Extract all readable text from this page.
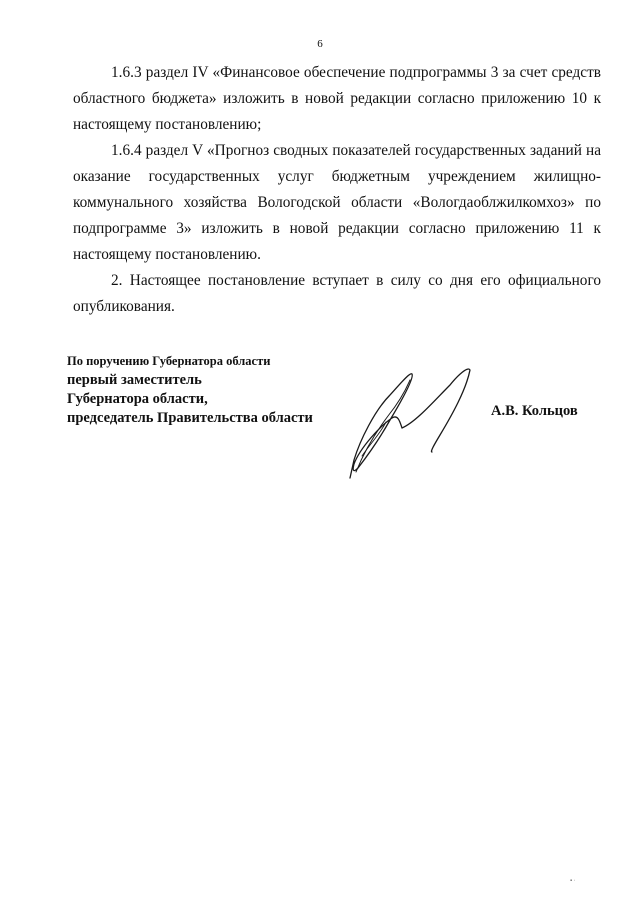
6

1.6.3 раздел IV «Финансовое обеспечение подпрограммы 3 за счет средств областного бюджета» изложить в новой редакции согласно приложению 10 к настоящему постановлению;

1.6.4 раздел V «Прогноз сводных показателей государственных заданий на оказание государственных услуг бюджетным учреждением жилищно-коммунального хозяйства Вологодской области «Вологдаоблжилкомхоз» по подпрограмме 3» изложить в новой редакции согласно приложению 11 к настоящему постановлению.

2. Настоящее постановление вступает в силу со дня его официального опубликования.

По поручению Губернатора области
первый заместитель
Губернатора области,
председатель Правительства области	А.В. Кольцов
▪ ·
